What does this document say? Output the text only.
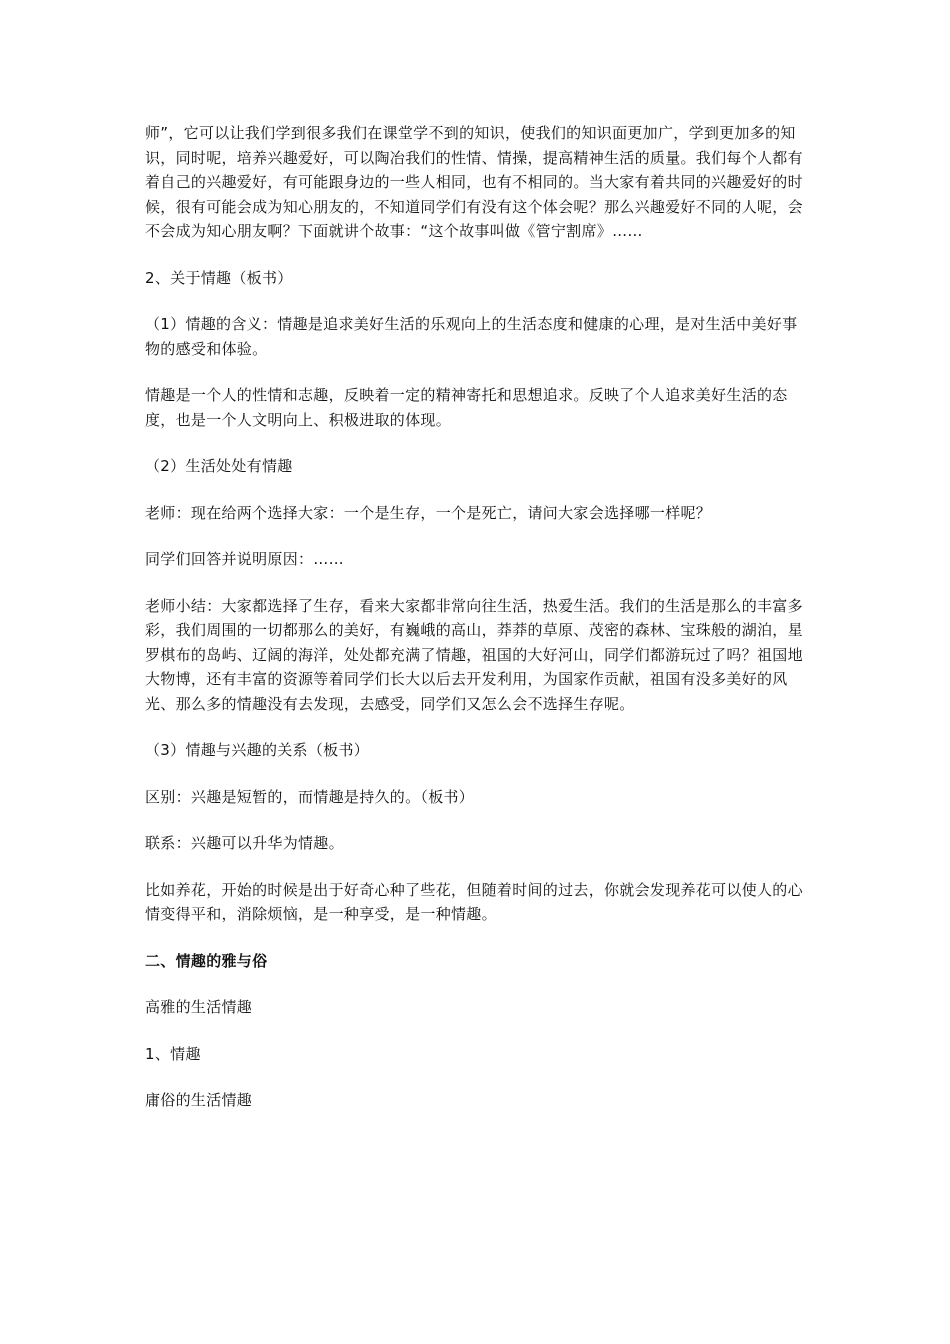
师”，它可以让我们学到很多我们在课堂学不到的知识，使我们的知识面更加广，学到更加多的知识，同时呢，培养兴趣爱好，可以陶冶我们的性情、情操，提高精神生活的质量。我们每个人都有着自己的兴趣爱好，有可能跟身边的一些人相同，也有不相同的。当大家有着共同的兴趣爱好的时候，很有可能会成为知心朋友的，不知道同学们有没有这个体会呢？那么兴趣爱好不同的人呢，会不会成为知心朋友啊？下面就讲个故事：“这个故事叫做《管宁割席》……

2、关于情趣（板书）

（1）情趣的含义：情趣是追求美好生活的乐观向上的生活态度和健康的心理，是对生活中美好事物的感受和体验。

情趣是一个人的性情和志趣，反映着一定的精神寄托和思想追求。反映了个人追求美好生活的态度，也是一个人文明向上、积极进取的体现。

（2）生活处处有情趣

老师：现在给两个选择大家：一个是生存，一个是死亡，请问大家会选择哪一样呢？

同学们回答并说明原因：……

老师小结：大家都选择了生存，看来大家都非常向往生活，热爱生活。我们的生活是那么的丰富多彩，我们周围的一切都那么的美好，有巍峨的高山，莽莽的草原、茂密的森林、宝珠般的湖泊，星罗棋布的岛屿、辽阔的海洋，处处都充满了情趣，祖国的大好河山，同学们都游玩过了吗？祖国地大物博，还有丰富的资源等着同学们长大以后去开发利用，为国家作贡献，祖国有没多美好的风光、那么多的情趣没有去发现，去感受，同学们又怎么会不选择生存呢。

（3）情趣与兴趣的关系（板书）

区别：兴趣是短暂的，而情趣是持久的。（板书）

联系：兴趣可以升华为情趣。

比如养花，开始的时候是出于好奇心种了些花，但随着时间的过去，你就会发现养花可以使人的心情变得平和，消除烦恼，是一种享受，是一种情趣。

二、情趣的雅与俗

高雅的生活情趣

1、情趣

庸俗的生活情趣
